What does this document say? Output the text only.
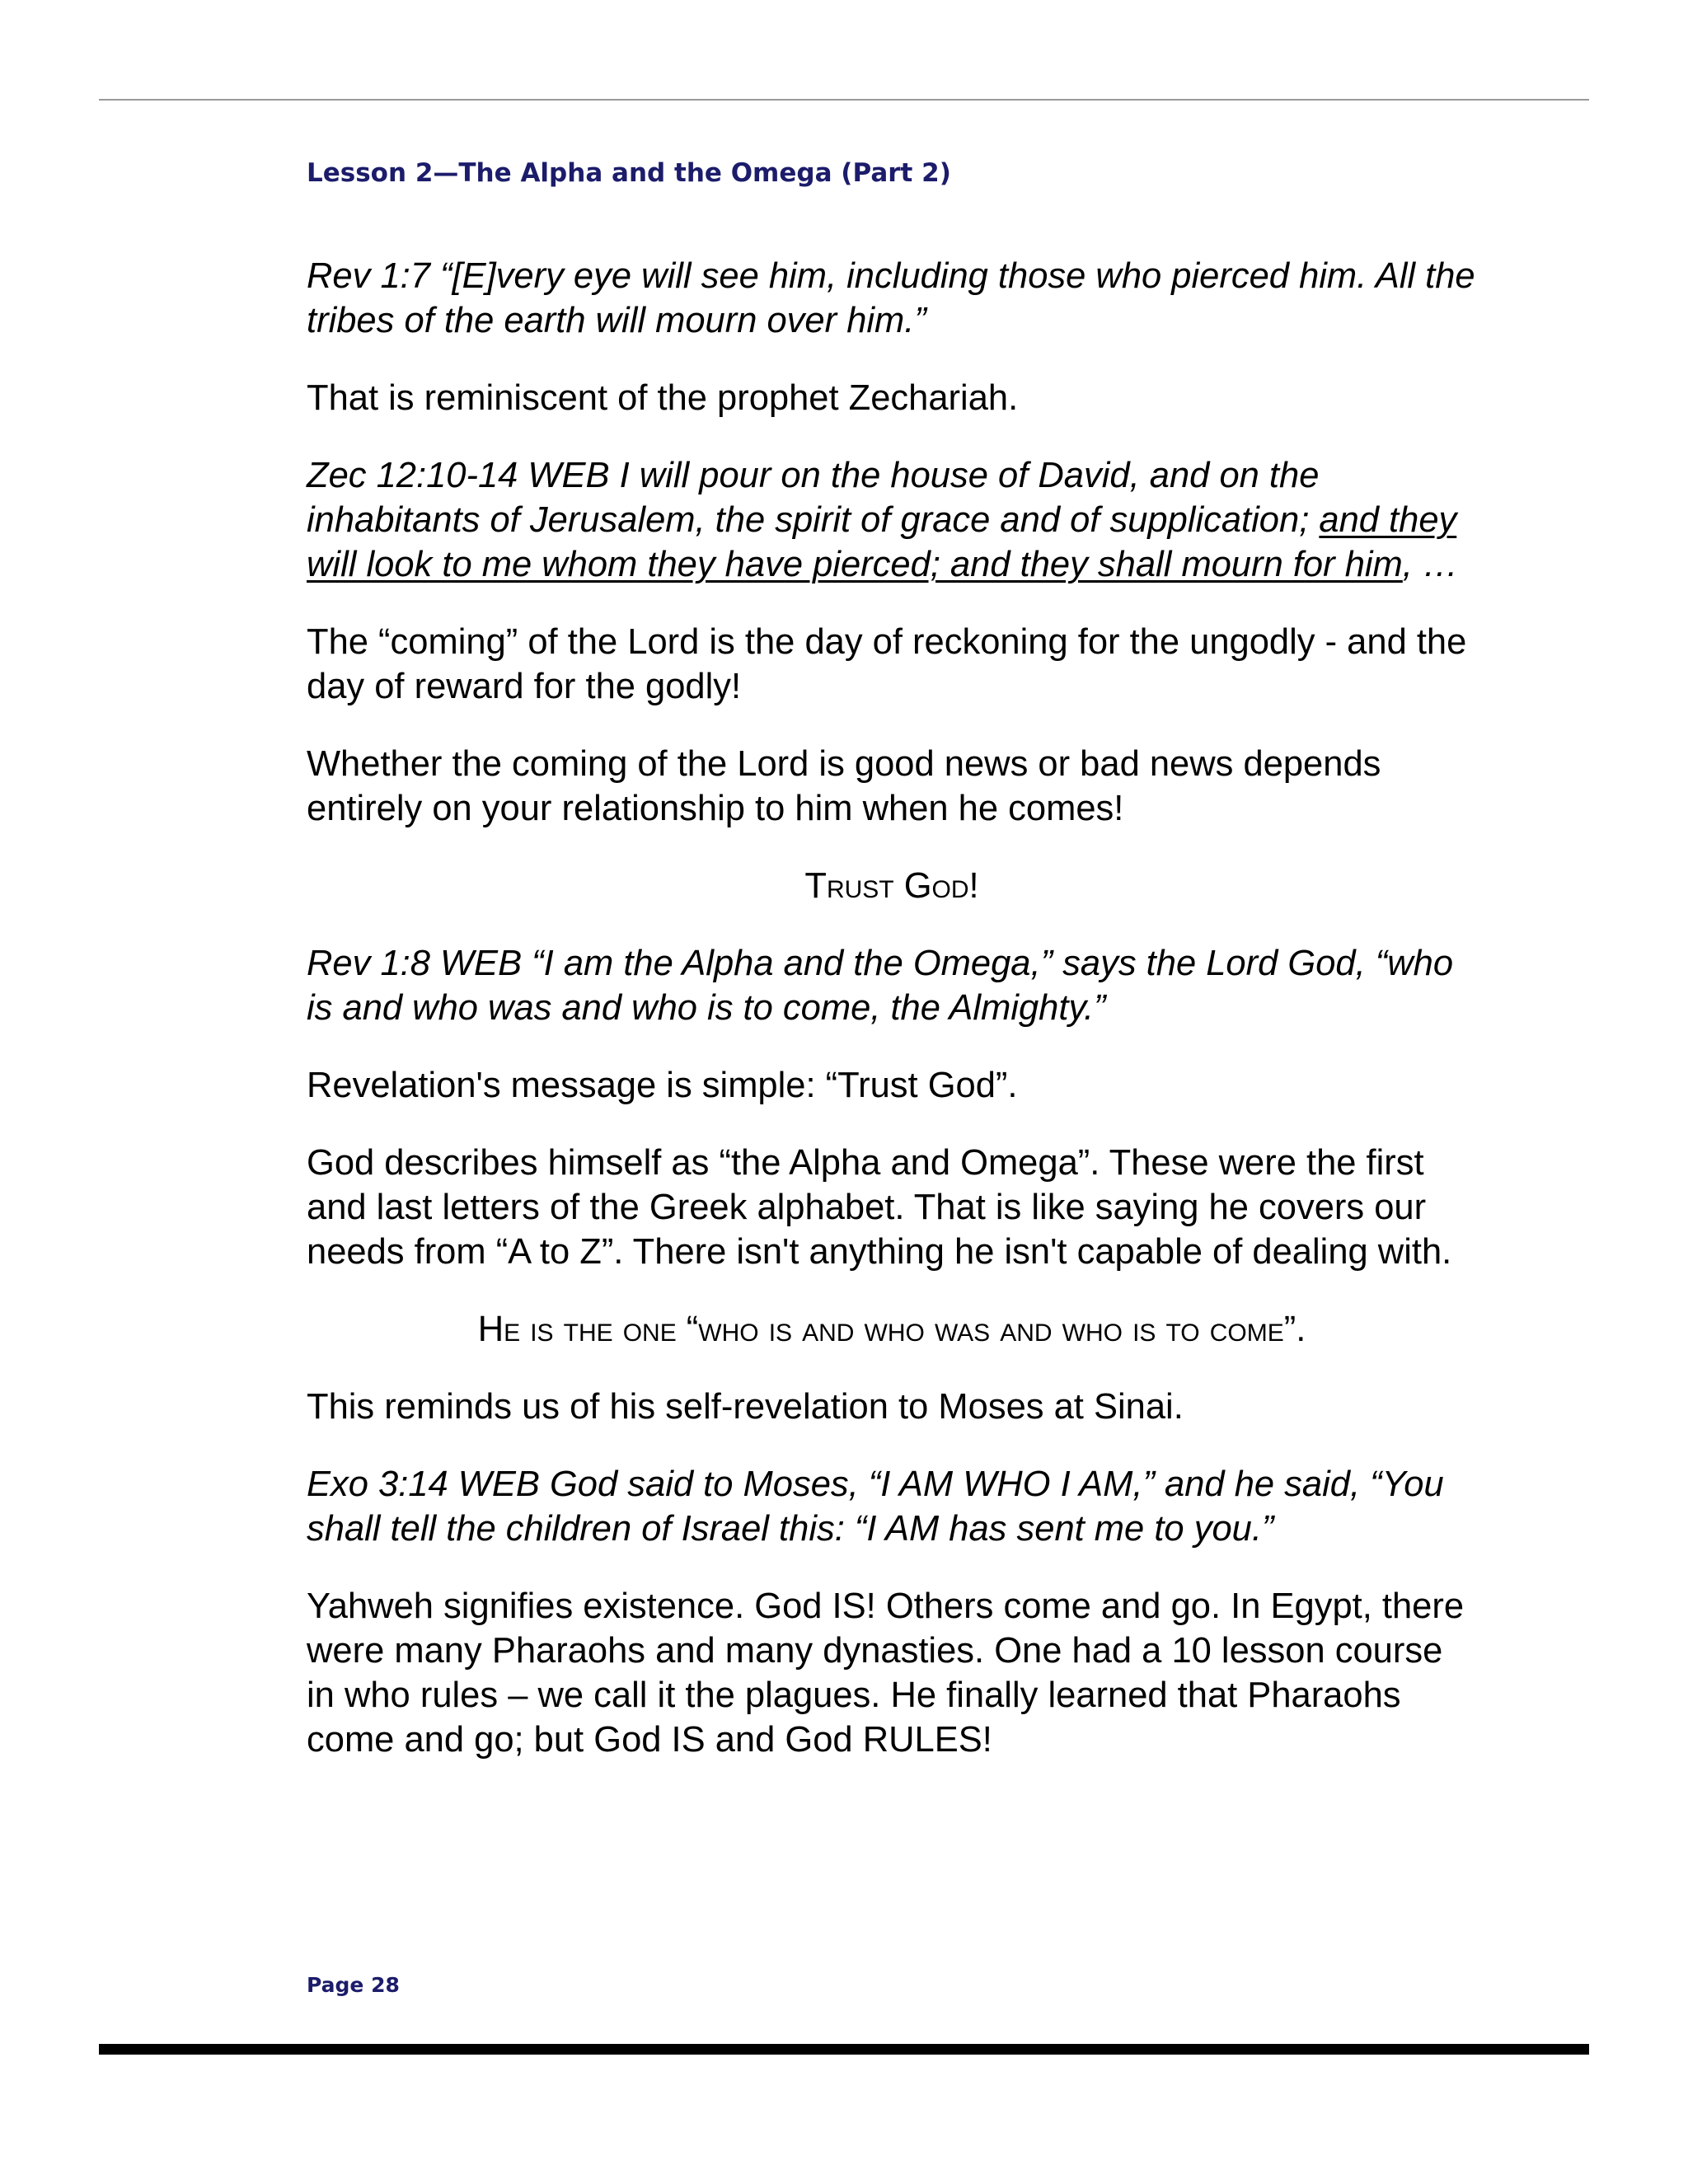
Lesson 2—The Alpha and the Omega (Part 2)

Rev 1:7 “[E]very eye will see him, including those who pierced him. All the tribes of the earth will mourn over him.”

That is reminiscent of the prophet Zechariah.

Zec 12:10-14 WEB I will pour on the house of David, and on the inhabitants of Jerusalem, the spirit of grace and of supplication; and they will look to me whom they have pierced; and they shall mourn for him, …

The “coming” of the Lord is the day of reckoning for the ungodly - and the day of reward for the godly!

Whether the coming of the Lord is good news or bad news depends entirely on your relationship to him when he comes!

Trust God!

Rev 1:8 WEB “I am the Alpha and the Omega,” says the Lord God, “who is and who was and who is to come, the Almighty.”

Revelation's message is simple: “Trust God”.

God describes himself as “the Alpha and Omega”. These were the first and last letters of the Greek alphabet. That is like saying he covers our needs from “A to Z”. There isn't anything he isn't capable of dealing with.

He is the one “who is and who was and who is to come”.

This reminds us of his self-revelation to Moses at Sinai.

Exo 3:14 WEB God said to Moses, “I AM WHO I AM,” and he said, “You shall tell the children of Israel this: “I AM has sent me to you.”

Yahweh signifies existence. God IS! Others come and go. In Egypt, there were many Pharaohs and many dynasties. One had a 10 lesson course in who rules – we call it the plagues. He finally learned that Pharaohs come and go; but God IS and God RULES!

Page 28
